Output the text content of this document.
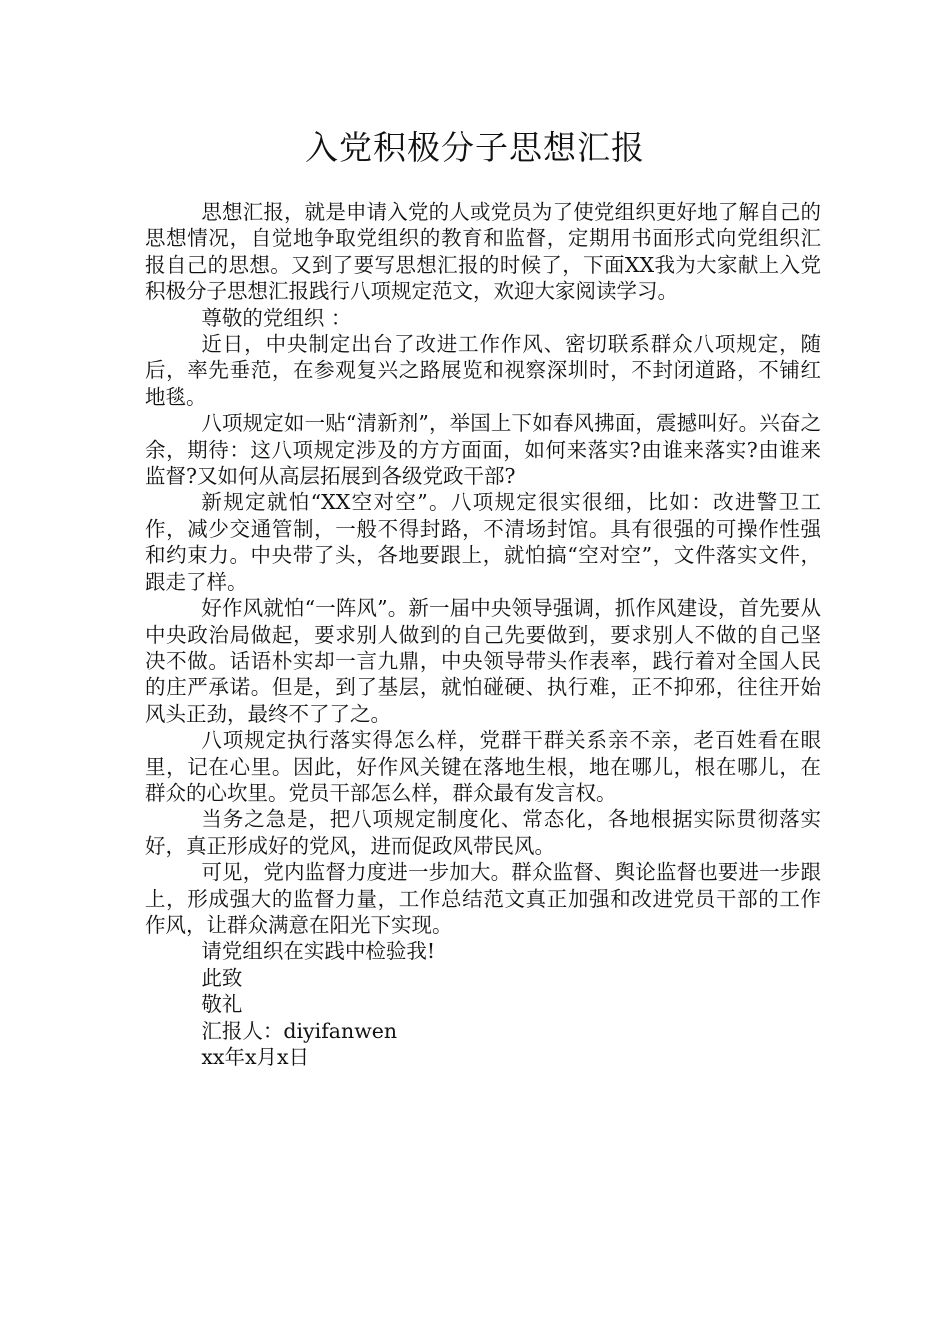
入党积极分子思想汇报

思想汇报，就是申请入党的人或党员为了使党组织更好地了解自己的思想情况，自觉地争取党组织的教育和监督，定期用书面形式向党组织汇报自己的思想。又到了要写思想汇报的时候了，下面XX我为大家献上入党积极分子思想汇报践行八项规定范文，欢迎大家阅读学习。

尊敬的党组织 ：

近日，中央制定出台了改进工作作风、密切联系群众八项规定，随后，率先垂范，在参观复兴之路展览和视察深圳时，不封闭道路，不铺红地毯。

八项规定如一贴“清新剂”，举国上下如春风拂面，震撼叫好。兴奋之余，期待：这八项规定涉及的方方面面，如何来落实?由谁来落实?由谁来监督?又如何从高层拓展到各级党政干部?

新规定就怕“XX空对空”。八项规定很实很细，比如：改进警卫工作，减少交通管制，一般不得封路，不清场封馆。具有很强的可操作性强和约束力。中央带了头，各地要跟上，就怕搞“空对空”，文件落实文件，跟走了样。

好作风就怕“一阵风”。新一届中央领导强调，抓作风建设，首先要从中央政治局做起，要求别人做到的自己先要做到，要求别人不做的自己坚决不做。话语朴实却一言九鼎，中央领导带头作表率，践行着对全国人民的庄严承诺。但是，到了基层，就怕碰硬、执行难，正不抑邪，往往开始风头正劲，最终不了了之。

八项规定执行落实得怎么样，党群干群关系亲不亲，老百姓看在眼里，记在心里。因此，好作风关键在落地生根，地在哪儿，根在哪儿，在群众的心坎里。党员干部怎么样，群众最有发言权。

当务之急是，把八项规定制度化、常态化，各地根据实际贯彻落实好，真正形成好的党风，进而促政风带民风。

可见，党内监督力度进一步加大。群众监督、舆论监督也要进一步跟上，形成强大的监督力量，工作总结范文真正加强和改进党员干部的工作作风，让群众满意在阳光下实现。

请党组织在实践中检验我!

此致

敬礼

汇报人：diyifanwen

xx年x月x日
